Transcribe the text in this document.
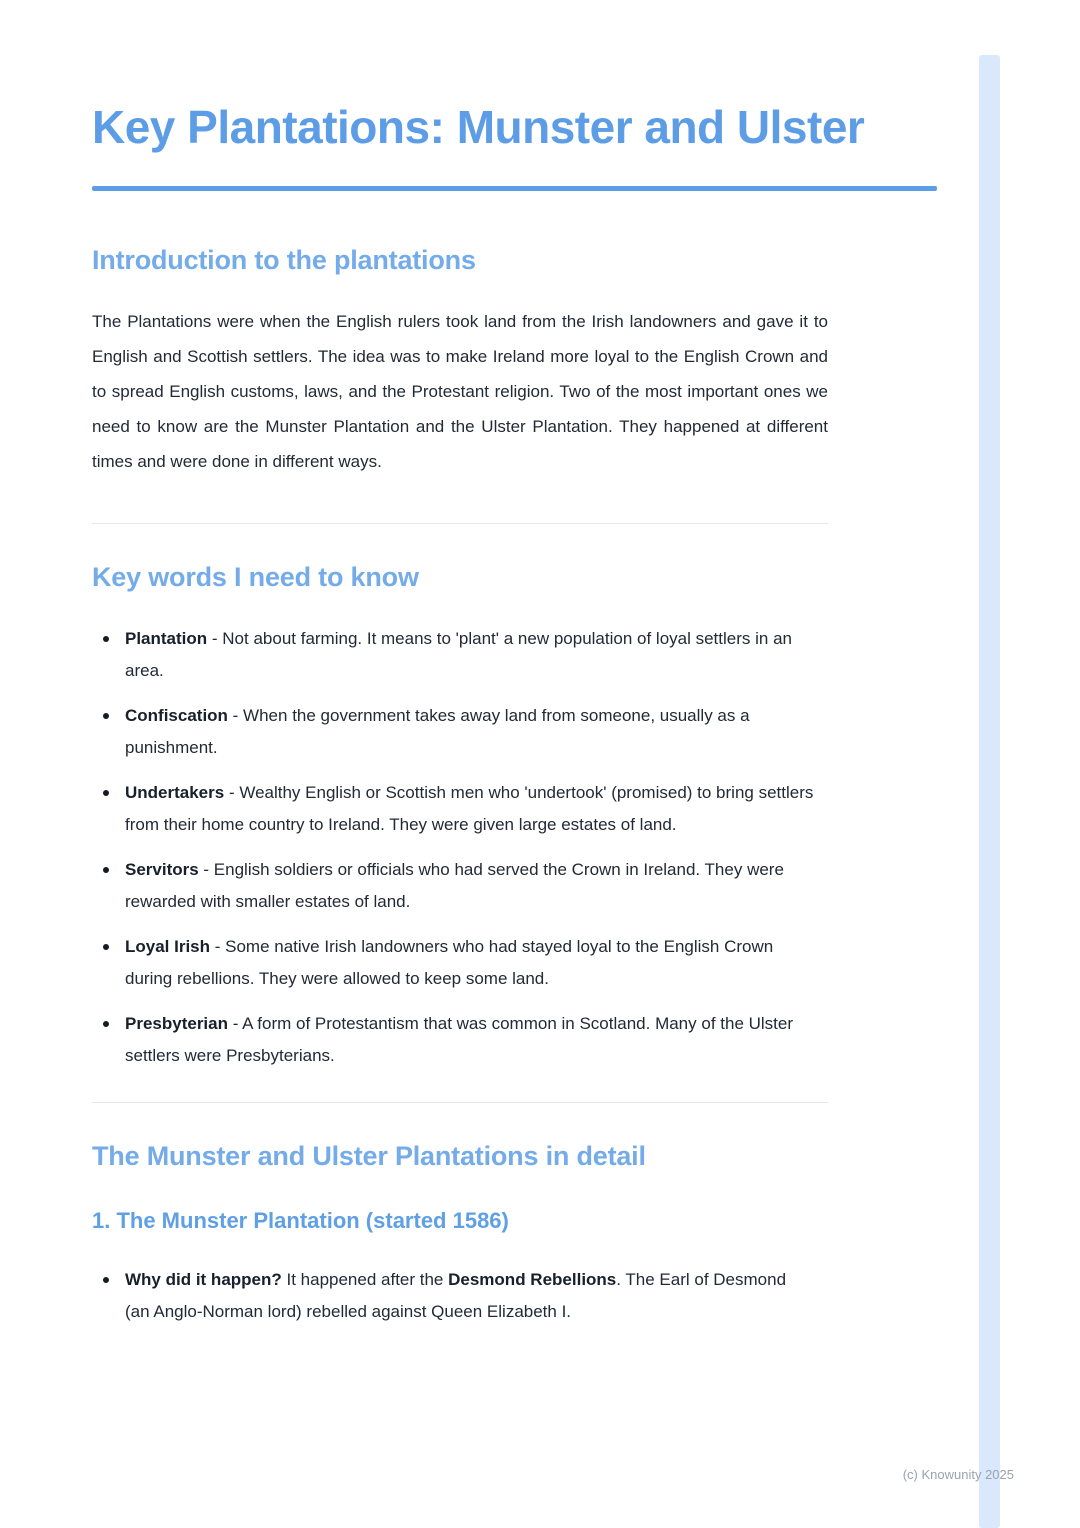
Key Plantations: Munster and Ulster
Introduction to the plantations

The Plantations were when the English rulers took land from the Irish landowners and gave it to English and Scottish settlers. The idea was to make Ireland more loyal to the English Crown and to spread English customs, laws, and the Protestant religion. Two of the most important ones we need to know are the Munster Plantation and the Ulster Plantation. They happened at different times and were done in different ways.

Key words I need to know
Plantation - Not about farming. It means to 'plant' a new population of loyal settlers in an area.
Confiscation - When the government takes away land from someone, usually as a punishment.
Undertakers - Wealthy English or Scottish men who 'undertook' (promised) to bring settlers from their home country to Ireland. They were given large estates of land.
Servitors - English soldiers or officials who had served the Crown in Ireland. They were rewarded with smaller estates of land.
Loyal Irish - Some native Irish landowners who had stayed loyal to the English Crown during rebellions. They were allowed to keep some land.
Presbyterian - A form of Protestantism that was common in Scotland. Many of the Ulster settlers were Presbyterians.
The Munster and Ulster Plantations in detail
1. The Munster Plantation (started 1586)
Why did it happen? It happened after the Desmond Rebellions. The Earl of Desmond (an Anglo-Norman lord) rebelled against Queen Elizabeth I.
(c) Knowunity 2025
